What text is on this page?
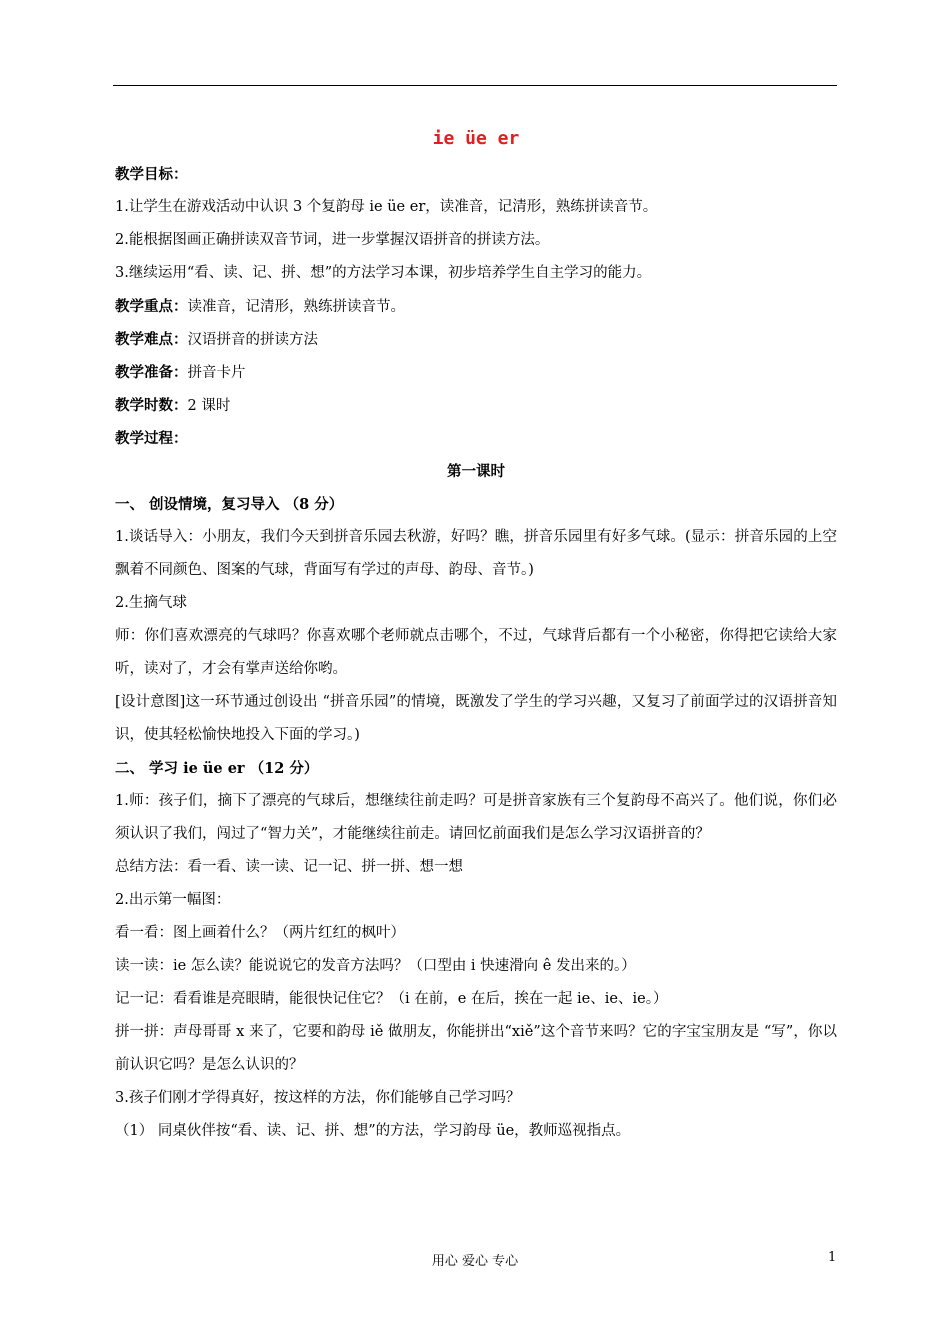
ie üe er
教学目标：
1.让学生在游戏活动中认识 3 个复韵母 ie üe er，读准音，记清形，熟练拼读音节。
2.能根据图画正确拼读双音节词，进一步掌握汉语拼音的拼读方法。
3.继续运用“看、读、记、拼、想”的方法学习本课，初步培养学生自主学习的能力。
教学重点：读准音，记清形，熟练拼读音节。
教学难点：汉语拼音的拼读方法
教学准备：拼音卡片
教学时数：2 课时
教学过程：
第一课时
一、 创设情境，复习导入 （8 分）
1.谈话导入：小朋友，我们今天到拼音乐园去秋游，好吗？瞧，拼音乐园里有好多气球。(显示：拼音乐园的上空飘着不同颜色、图案的气球，背面写有学过的声母、韵母、音节。)
2.生摘气球
师：你们喜欢漂亮的气球吗？你喜欢哪个老师就点击哪个，不过，气球背后都有一个小秘密，你得把它读给大家听，读对了，才会有掌声送给你哟。
[设计意图]这一环节通过创设出 “拼音乐园”的情境，既激发了学生的学习兴趣，又复习了前面学过的汉语拼音知识，使其轻松愉快地投入下面的学习。)
二、 学习 ie üe er （12 分）
1.师：孩子们，摘下了漂亮的气球后，想继续往前走吗？可是拼音家族有三个复韵母不高兴了。他们说，你们必须认识了我们，闯过了“智力关”，才能继续往前走。请回忆前面我们是怎么学习汉语拼音的？
总结方法：看一看、读一读、记一记、拼一拼、想一想
2.出示第一幅图：
看一看：图上画着什么？（两片红红的枫叶）
读一读：ie 怎么读？能说说它的发音方法吗？（口型由 i 快速滑向 ê 发出来的。）
记一记：看看谁是亮眼睛，能很快记住它？（i 在前，e 在后，挨在一起 ie、ie、ie。）
拼一拼：声母哥哥 x 来了，它要和韵母 iě 做朋友，你能拼出“xiě”这个音节来吗？它的字宝宝朋友是 “写”，你以前认识它吗？是怎么认识的？
3.孩子们刚才学得真好，按这样的方法，你们能够自己学习吗？
（1） 同桌伙伴按“看、读、记、拼、想”的方法，学习韵母 üe，教师巡视指点。
用心 爱心 专心	1
